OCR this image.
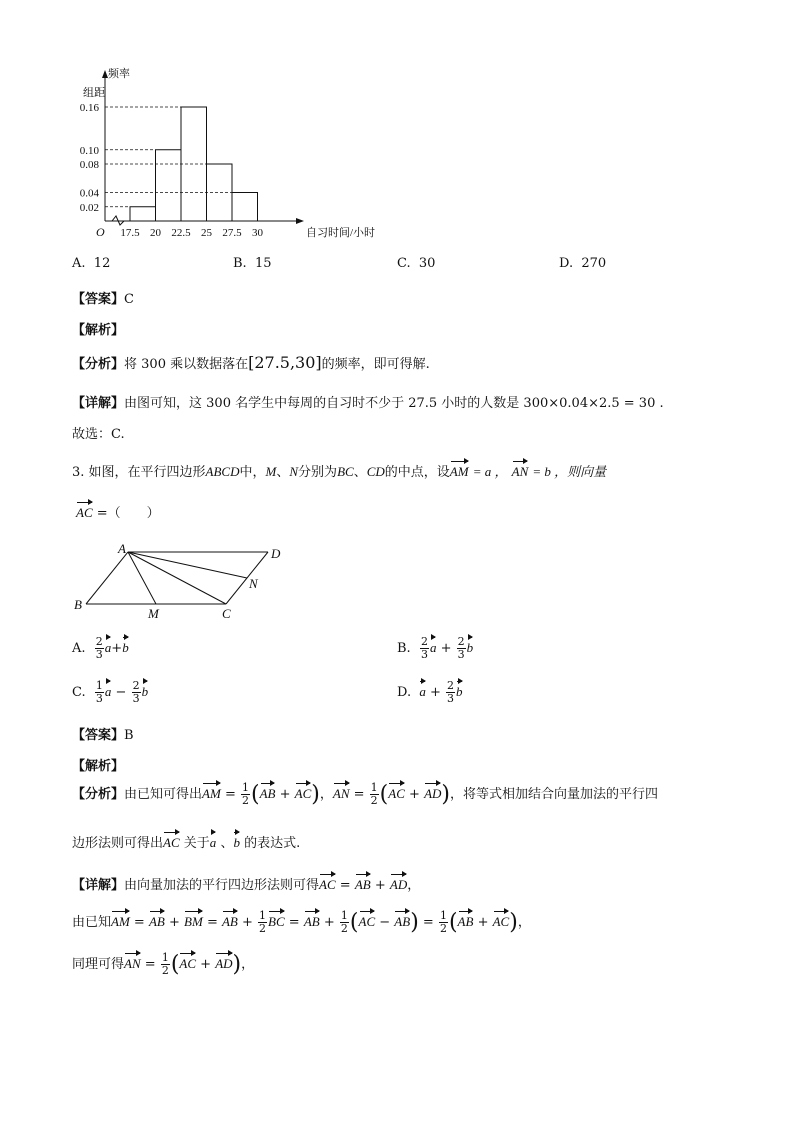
0.16
0.10
0.08
0.04
0.02
17.5 20 22.5 25 27.5 30
O
频率
组距
自习时间/小时
A. 12	B. 15	C. 30	D. 270
【答案】C
【解析】
【分析】将 300 乘以数据落在[27.5,30]的频率，即可得解.
【详解】由图可知，这 300 名学生中每周的自习时不少于 27.5 小时的人数是 300×0.04×2.5 = 30 .
故选：C.
3. 如图，在平行四边形ABCD中，M、N分别为BC、CD的中点，设AM = a ， AN = b ，则向量
AC =（　　）
A	D
B
M	C
N
A. $\frac{2}{3} a+b$	B. $\frac{2}{3}$ $a + \frac{2}{3}$ b
C. $\frac{1}{3}$ $a - \frac{2}{3}$ b	D. $a + \frac{2}{3}$ b
【答案】B
【解析】
【分析】由已知可得出AM = $\frac{1}{2} (AB + AC)$，AN = $\frac{1}{2} (AC + AD)$，将等式相加结合向量加法的平行四
边形法则可得出AC 关于a 、b 的表达式.
【详解】由向量加法的平行四边形法则可得AC = AB + AD，
由已知AM = AB + BM = AB + $\frac{1}{2}$ BC = AB + $\frac{1}{2} (AC - AB) = \frac{1}{2} (AB + AC)$，
同理可得AN = $\frac{1}{2} (AC + AD)$，
